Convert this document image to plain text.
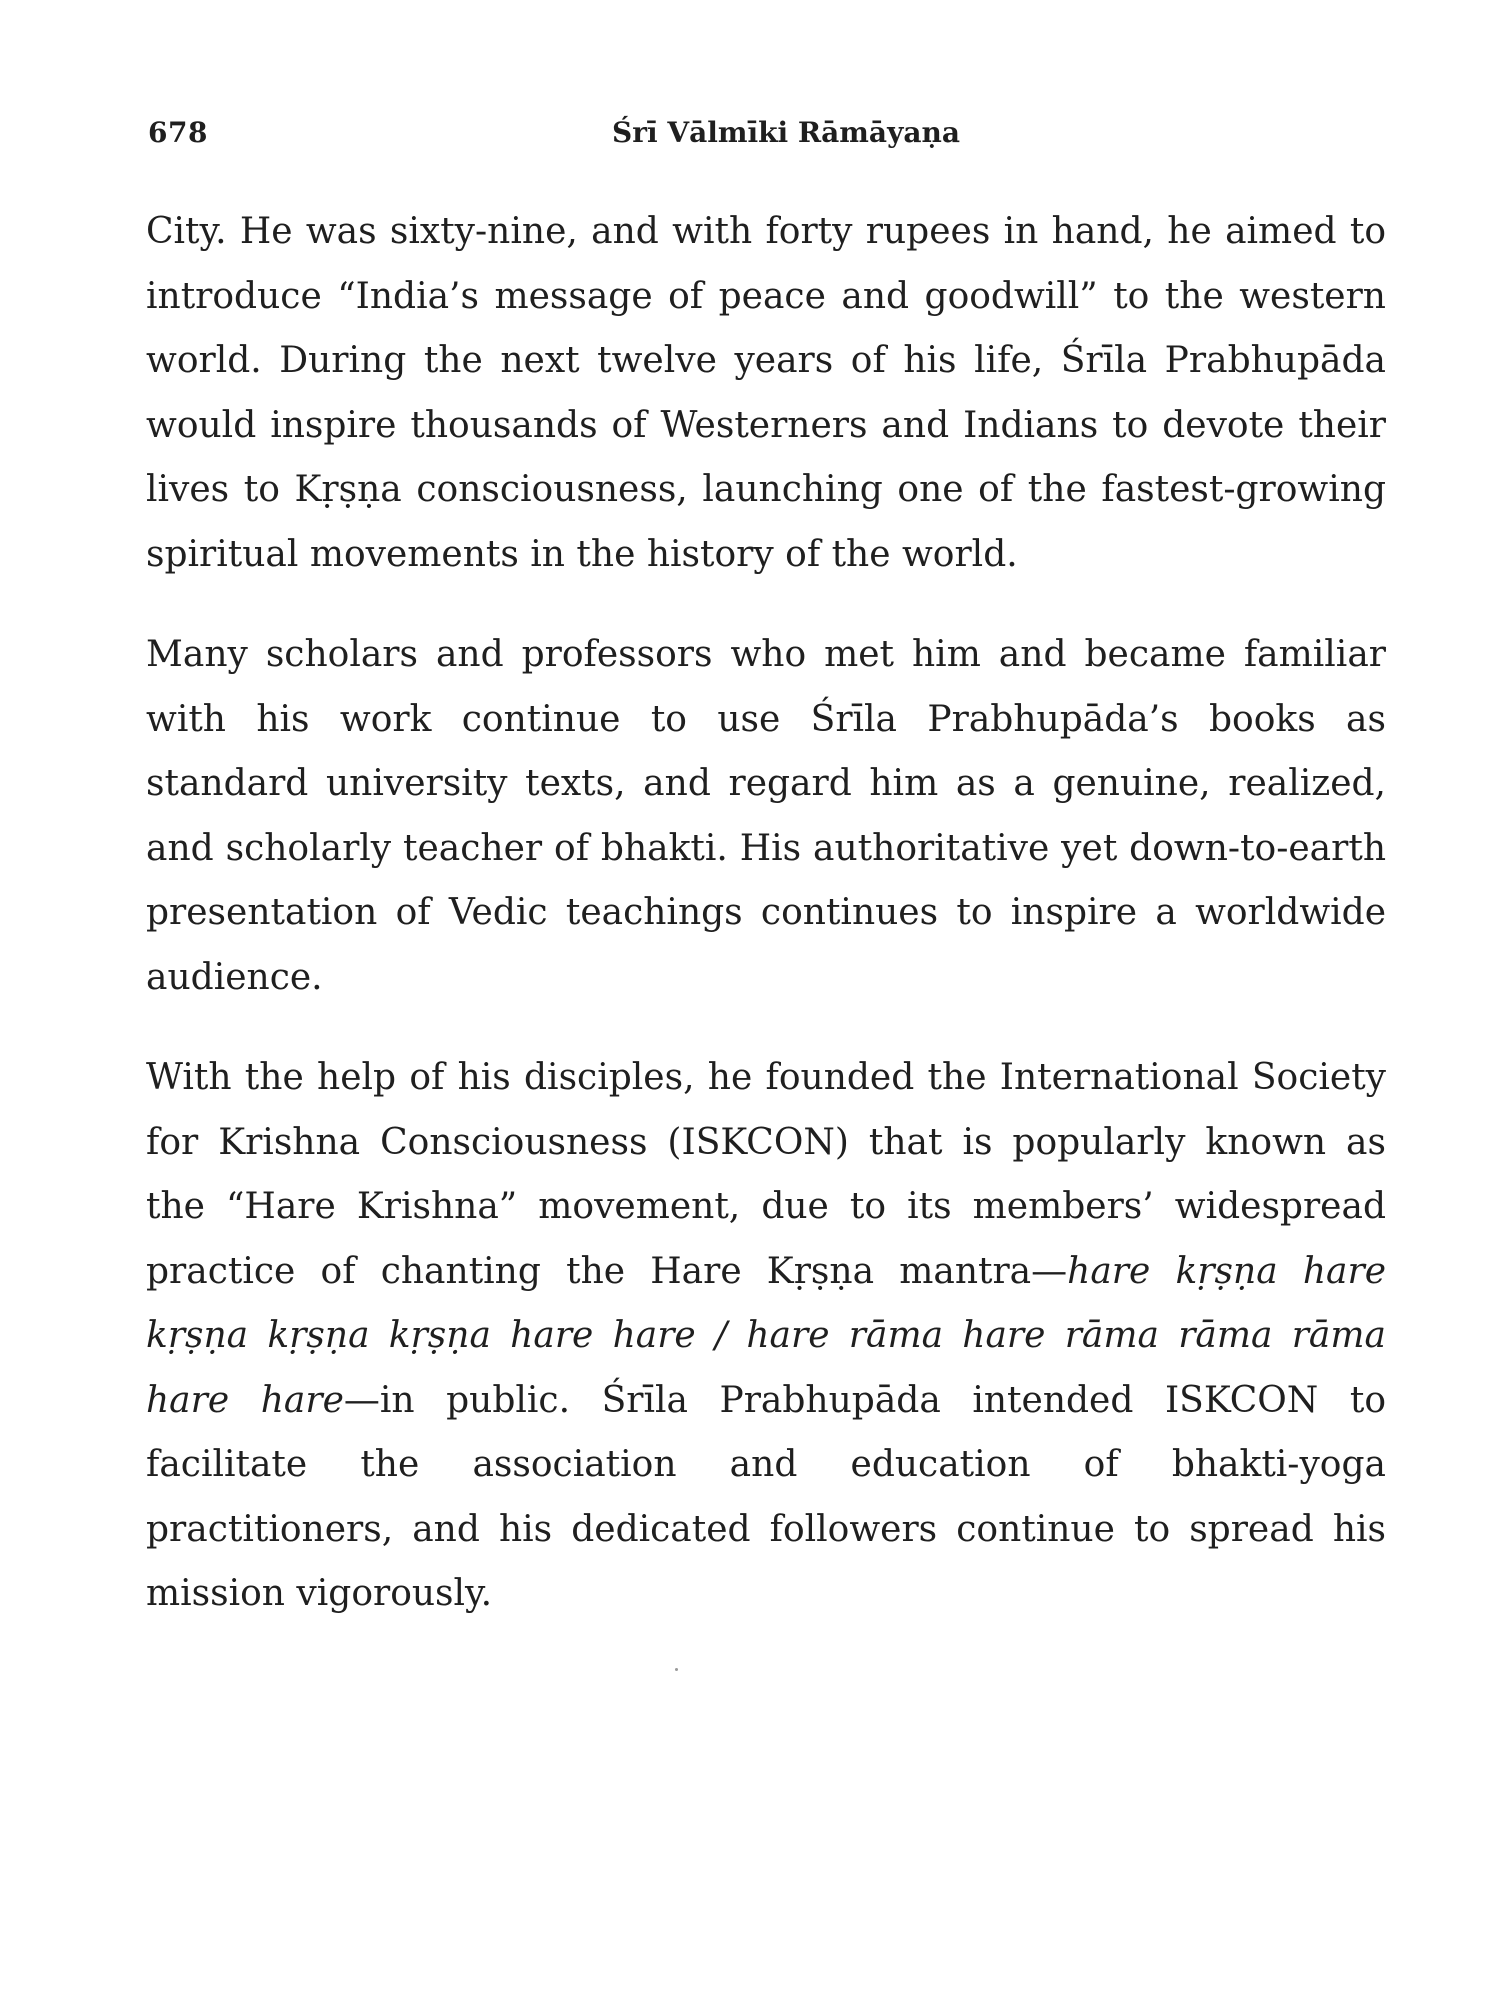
678	Śrī Vālmīki Rāmāyaṇa

City. He was sixty-nine, and with forty rupees in hand, he aimed to introduce “India’s message of peace and goodwill” to the western world. During the next twelve years of his life, Śrīla Prabhupāda would inspire thousands of Westerners and Indians to devote their lives to Kṛṣṇa consciousness, launching one of the fastest-growing spiritual movements in the history of the world.

Many scholars and professors who met him and became familiar with his work continue to use Śrīla Prabhupāda’s books as standard university texts, and regard him as a genuine, realized, and scholarly teacher of bhakti. His authoritative yet down-to-earth presentation of Vedic teachings continues to inspire a worldwide audience.

With the help of his disciples, he founded the International Society for Krishna Consciousness (ISKCON) that is popularly known as the “Hare Krishna” movement, due to its members’ widespread practice of chanting the Hare Kṛṣṇa mantra—hare kṛṣṇa hare kṛṣṇa kṛṣṇa kṛṣṇa hare hare / hare rāma hare rāma rāma rāma hare hare—in public. Śrīla Prabhupāda intended ISKCON to facilitate the association and education of bhakti-yoga practitioners, and his dedicated followers continue to spread his mission vigorously.
